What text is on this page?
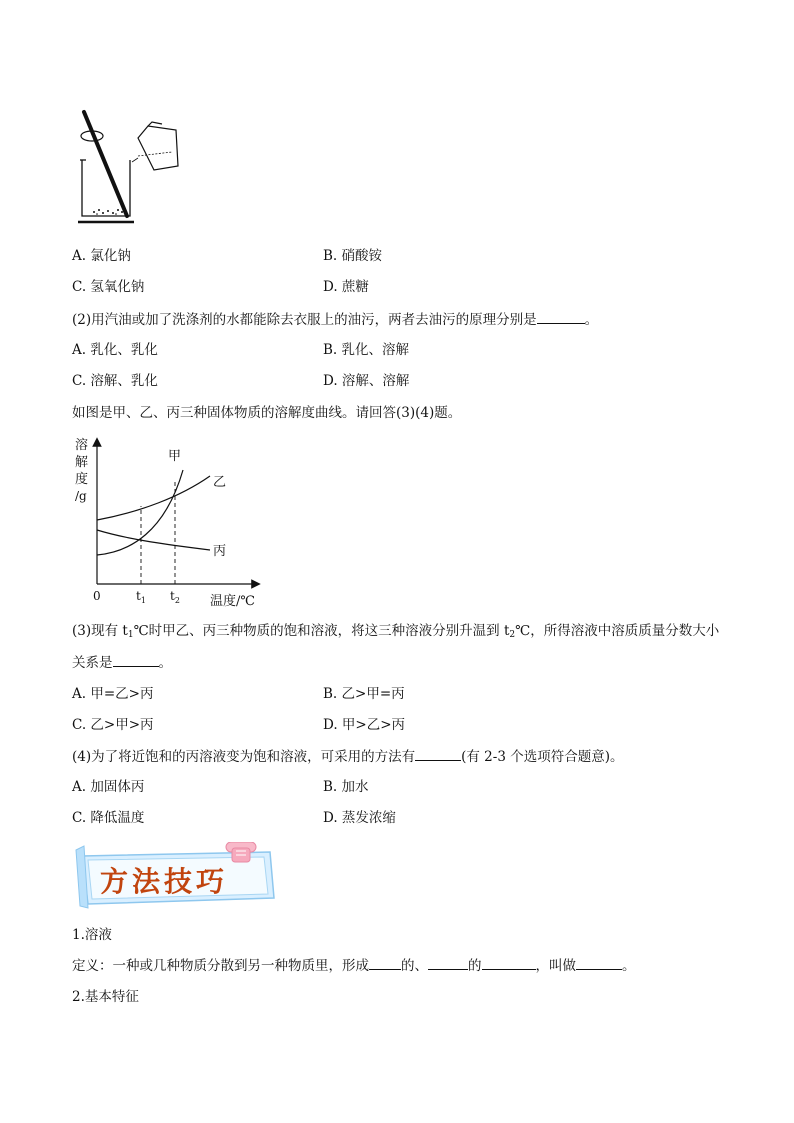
A. 氯化钠	B. 硝酸铵
C. 氢氧化钠	D. 蔗糖
(2)用汽油或加了洗涤剂的水都能除去衣服上的油污，两者去油污的原理分别是	。
A. 乳化、乳化	B. 乳化、溶解
C. 溶解、乳化	D. 溶解、溶解
如图是甲、乙、丙三种固体物质的溶解度曲线。请回答(3)(4)题。
溶
解
度
/g
0	$t_1$ $t_2$ 温度/℃
甲
乙
丙
(3)现有 $t_1℃$时甲乙、丙三种物质的饱和溶液，将这三种溶液分别升温到 $t_2℃$，所得溶液中溶质质量分数大小
关系是	。
A. 甲=乙>丙	B. 乙>甲=丙
C. 乙>甲>丙	D. 甲>乙>丙
(4)为了将近饱和的丙溶液变为饱和溶液，可采用的方法有	(有 2-3 个选项符合题意)。
A. 加固体丙	B. 加水
C. 降低温度	D. 蒸发浓缩
方法技巧
1.溶液
定义：一种或几种物质分散到另一种物质里，形成 的、	的	，叫做	。
2.基本特征
